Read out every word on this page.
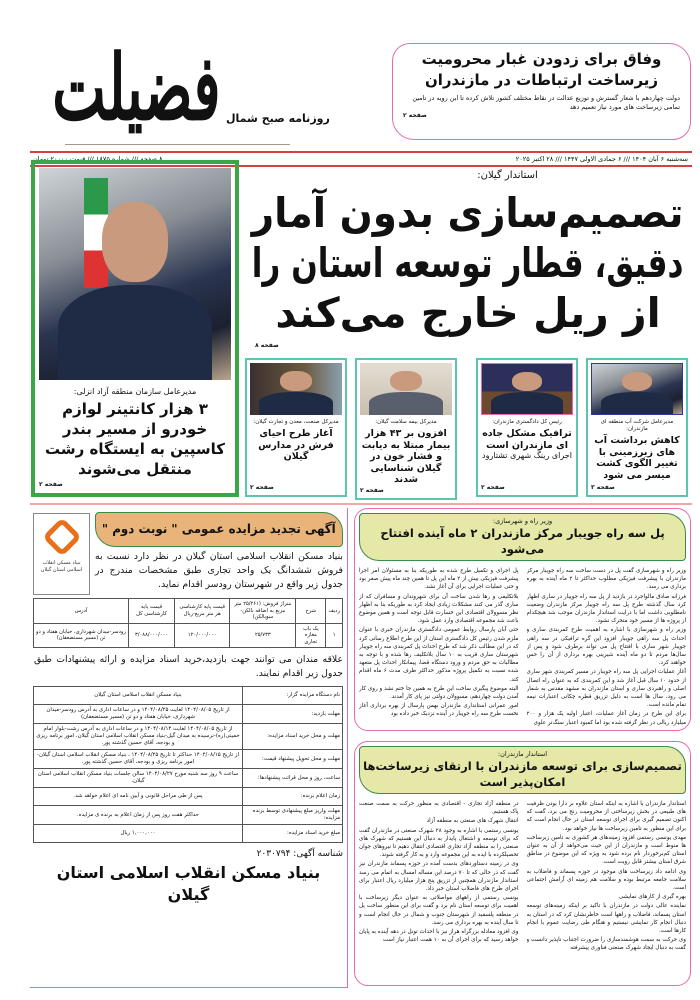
فضیلت روزنامه صبح شمال
وفاق برای زدودن غبار محرومیت
زیرساخت ارتباطات در مازندران

دولت چهاردهم با شعار گسترش و توزیع عدالت در نقاط مختلف کشور تلاش کرده تا این رویه در تامین تمامی زیرساخت های مورد نیاز تعمیم دهد

صفحه ۲
سه‌شنبه ۶ آبان ۱۴۰۴ /// ۶ جمادی الاولی ۱۴۴۷ /// ۲۸ اکتبر ۲۰۲۵
۸ صفحه /// شماره ۱۸۷۵ /// قیمت ۲۰۰۰۰ تومان
مدیرعامل سازمان منطقه آزاد انزلی:
۳ هزار کانتینر لوازم خودرو از مسیر بندر کاسپین به ایستگاه رشت منتقل می‌شوند
صفحه ۲
استاندار گیلان:
تصمیم‌سازی بدون آمار
دقیق، قطار توسعه استان را
از ریل خارج می‌کند
صفحه ۸
مدیرعامل شرکت آب منطقه ای مازندران:
کاهش برداشت آب های زیرزمینی با تغییر الگوی کشت میسر می شود
صفحه ۳
رئیس کل دادگستری مازندران:
ترافیک مشکل جاده ای مازندران است
اجرای رینگ شهری تشتارود
صفحه ۲
مدیرکل بیمه سلامت گیلان:
افزون بر ۴۳ هزار بیمار مبتلا به دیابت و فشار خون در گیلان شناسایی شدند
صفحه ۲
مدیرکل صنعت، معدن و تجارت گیلان:
آغاز طرح احیای فرش در مدارس گیلان
صفحه ۲
بنیاد مسکن انقلاب اسلامی استان گیلان
آگهی تجدید مزایده عمومی " نوبت دوم "
بنیاد مسکن انقلاب اسلامی استان گیلان در نظر دارد نسبت به فروش ششدانگ یک واحد تجاری طبق مشخصات مندرج در جدول زیر واقع در شهرستان رودسر اقدام نماید.
ردیف	شرح	متراژ فروش: (۲۵/۲۶۱ متر مربع به اضافه بالکن-سوبالکن)	قیمت پایه کارشناسی هر متر مربع-ریال	قیمت پایه کارشناسی کل	آدرس
۱	یک باب مغازه تجاری	۲۵/۷۳۳	۱۲۰/۰۰۰/۰۰۰	۳/۰۸۸/۰۰۰/۰۰۰	رودسر-میدان شهرداری، خیابان هفتاد و دو تن (مسیر مستضعفان)
علاقه مندان می توانند جهت بازدید،خرید اسناد مزایده و ارائه پیشنهادات طبق جدول زیر اقدام نمایند.
نام دستگاه مزایده گزار:	بنیاد مسکن انقلاب اسلامی استان گیلان
مهلت بازدید:	از تاریخ ۱۴۰۴/۰۸/۰۵ لغایت ۱۴۰۴/۰۸/۲۵ و در ساعات اداری به آدرس رودسر-میدان شهرداری، خیابان هفتاد و دو تن (مسیر مستضعفان)
مهلت و محل خرید اسناد مزایده:	از تاریخ ۱۴۰۴/۰۸/۰۵ لغایت ۱۴۰۴/۰۸/۱۴ و در ساعات اداری به آدرس رشت-بلوار امام خمینی(ره)-نرسیده به میدان گیل-بنیاد مسکن انقلاب اسلامی استان گیلان، امور برنامه ریزی و بودجه، آقای حسین گذشته پور.
مهلت و محل تحویل پیشنهاد قیمت:	از تاریخ ۱۴۰۴/۰۸/۱۵ حداکثر تا تاریخ ۱۴۰۴/۰۸/۲۵ ، بنیاد مسکن انقلاب اسلامی استان گیلان-امور برنامه ریزی و بودجه، آقای حسین گذشته پور.
ساعت، روز و محل قرائت پیشنهادها:	ساعت ۹ روز سه شنبه مورخ ۱۴۰۴/۰۸/۲۷ سالن جلسات بنیاد مسکن انقلاب اسلامی استان گیلان.
زمان اعلام برنده:	پس از طی مراحل قانونی و آیین نامه ای اعلام خواهد شد.
مهلت واریز مبلغ پیشنهادی توسط برنده مزایده:	حداکثر هفت روز پس از زمان اعلام به برنده ی مزایده.
مبلغ خرید اسناد مزایده:	۱,۰۰۰,۰۰۰ ریال
شناسه آگهی: ۲۰۳۰۷۹۴
بنیاد مسکن انقلاب اسلامی استان گیلان
وزیر راه و شهرسازی:
پل سه راه جویبار مرکز مازندران ۲ ماه آینده افتتاح می‌شود

وزیر راه و شهرسازی گفت پل در دست ساخت سه راه جویبار مرکز مازندران با پیشرفت فیزیکی مطلوب حداکثر تا ۲ ماه آینده به بهره برداری می رسد.

فرزانه صادق مالواجرد در بازدید از پل سه راه جویبار در ساری اظهار کرد سال گذشته طرح پل سه راه جویبار مرکز مازندران وضعیت نامطلوبی داشت اما با درایت استاندار مازندران موجب شد هیچکدام از پروژه ها از مسیر خود متحرک نشود.

وزیر راه و شهرسازی با اشاره به اهمیت طرح کمربندی ساری و احداث پل سه راهی جویبار افزود این گره ترافیکی در سه راهی جویبار شهر ساری با افتتاح پل می تواند برطرف شود و پس از سال‌ها مردم تا دو ماه آینده شیرینی بهره برداری از آن را حس خواهند کرد.

آغاز عملیات اجرایی پل سه راه جویبار در مسیر کمربندی شهر ساری از حدود ۱۰ سال قبل آغاز شد و این کمربندی که به عنوان راه اتصال اصلی و راهبردی ساری و استان مازندران به مشهد مقدس به شمار می رود، سال ها است به دلیل تزریق قطره چکانی اعتبارات نیمه تمام مانده است.

برای این طرح در زمان آغاز عملیات، اعتبار اولیه یک هزار و ۲۰۰ میلیارد ریالی در نظر گرفته شده بود اما کمبود اعتبار سنگ‌تر علوی

پل اجرای و تکمیل طرح شده به طوریکه بنا به مسئولان امر اجرا پیشرفت فیزیکی بیش از ۲ ماه این پل تا همین چند ماه پیش صفر بود و حتی عملیات اجرایی برای آن آغاز نشد.

بلاتکلیفی و رها شدن ساخت آن برای شهروندان و مسافران که از ساری گذر می کنند مشکلات زیادی ایجاد کرد به طوریکه بنا به اظهار نظر مسوولان اقتصادی این خسارت قابل توجه است و همین موضوع باعث شد مجموعه اقتصادی وارد عمل شود.

حتی آبان پارسال روابط عمومی دادگستری مازندران خبری با عنوان ملزم شدن رئیس کل دادگستری استان از این طرح اطلاع رسانی کرد که در این مطالب ذکر شد که طرح احداث پل کمربندی سه راه جویبار شهرستان ساری قریب به ۱۰ سال بلاتکلیف رها شده و با توجه به مطالبات به حق مردم و ورود دستگاه قضا، پیمانکار احداث پل متعهد شده نسبت به تکمیل پروژه مذکور حداکثر ظرف مدت ۶ ماه اقدام کند.

البته موضوع پیگیری ساخت این طرح به همین جا ختم نشد و روی کار آمدن دولت چهاردهم، مسوولان دولتی نیز پای کار آمدند.

امور عمرانی استانداری مازندران بهمن پارسال از بهره برداری آغاز نخست طرح سه راه جویبار در آینده نزدیک خبر داده بود

استاندار مازندران:
تصمیم‌سازی برای توسعه مازندران با ارتقای زیرساخت‌ها امکان‌پذیر است

استاندار مازندران با اشاره به اینکه استان علاوه بر دارا بودن ظرفیت های طبیعی در بخش زیرساختی از محرومیت رنج می برد، گفت که اکنون تصمیم گیری برای اجرای توسعه استان در حال انجام است که برای این منظور به تامین زیرساخت ها نیاز خواهد بود.

مهدی یونسی رستمی افزود زمینه‌های هر کشوری به تامین زیرساخت ها منوط است و مازندران از این حیث می‌خواهد از آن به عنوان استان کم‌برخوردار نام برده شود به ویژه که این موضوع در مناطق شرق استان بیشتر قابل رویت است.

وی ادامه داد زیرساخت های موجود در حوزه پسماند و فاضلاب به سلامت جامعه مرتبط بوده و سلامت هم زمینه ای آرامش اجتماعی است.

بهره گیری از کارهای نمایشی

نماینده عالی دولت در مازندران با تاکید بر اینکه زمینه‌های توسعه استان پسماند، فاضلاب و راهها است خاطرنشان کرد که در استان به دنبال انجام کار نمایشی نیستیم و هنگام طی رضایت عموم با انجام کارها است.

وی حرکت به سمت هوشمندسازی را ضرورت اجتناب ناپذیر دانست و گفت به دنبال ایجاد شهرک صنعتی فناوری پیشرفته

در منطقه آزاد تجاری - اقتصادی به منظور حرکت به سمت صنعت پاک هستیم.

انتقال شهرک های صنعتی به منطقه آزاد

یونسی رستمی با اشاره به وجود ۲۸ شهرک صنعتی در مازندران گفت که برای توسعه و اشتغال پایدار به دنبال این هستیم که شهرک های صنعتی را به منطقه آزاد تجاری اقتصادی انتقال دهیم تا نیروهای جوان تحصیلکرده با ایده به این مجموعه وارد و به کار گرفته شوند.

وی در زمینه دستاوردهای بدست آمده در حوزه پسماند مازندران نیز گفت که در حالی که تا ۷۰ درصد این مساله امسال به اتمام می رسد استاندار مازندران همچنین از تزریق پنج هزار میلیارد ریال اعتبار برای اجرای طرح های فاضلاب استان خبر داد.

یونسی رستمی از راههای مواصلاتی به عنوان دیگر زیرساخت با اهمیت برای توسعه استان نام برد و گفت برای این منظور ساخت پل در منطقه پلسفید از شهرستان جنوب و شمال در حال انجام است و تا سال آینده به بهره برداری می رسد.

وی افزود معادله بزرگراه هراز نیز با احداث تونل در دهه آینده به پایان خواهد رسید که برای اجرای آن به ۱۰ همت اعتبار نیاز است
